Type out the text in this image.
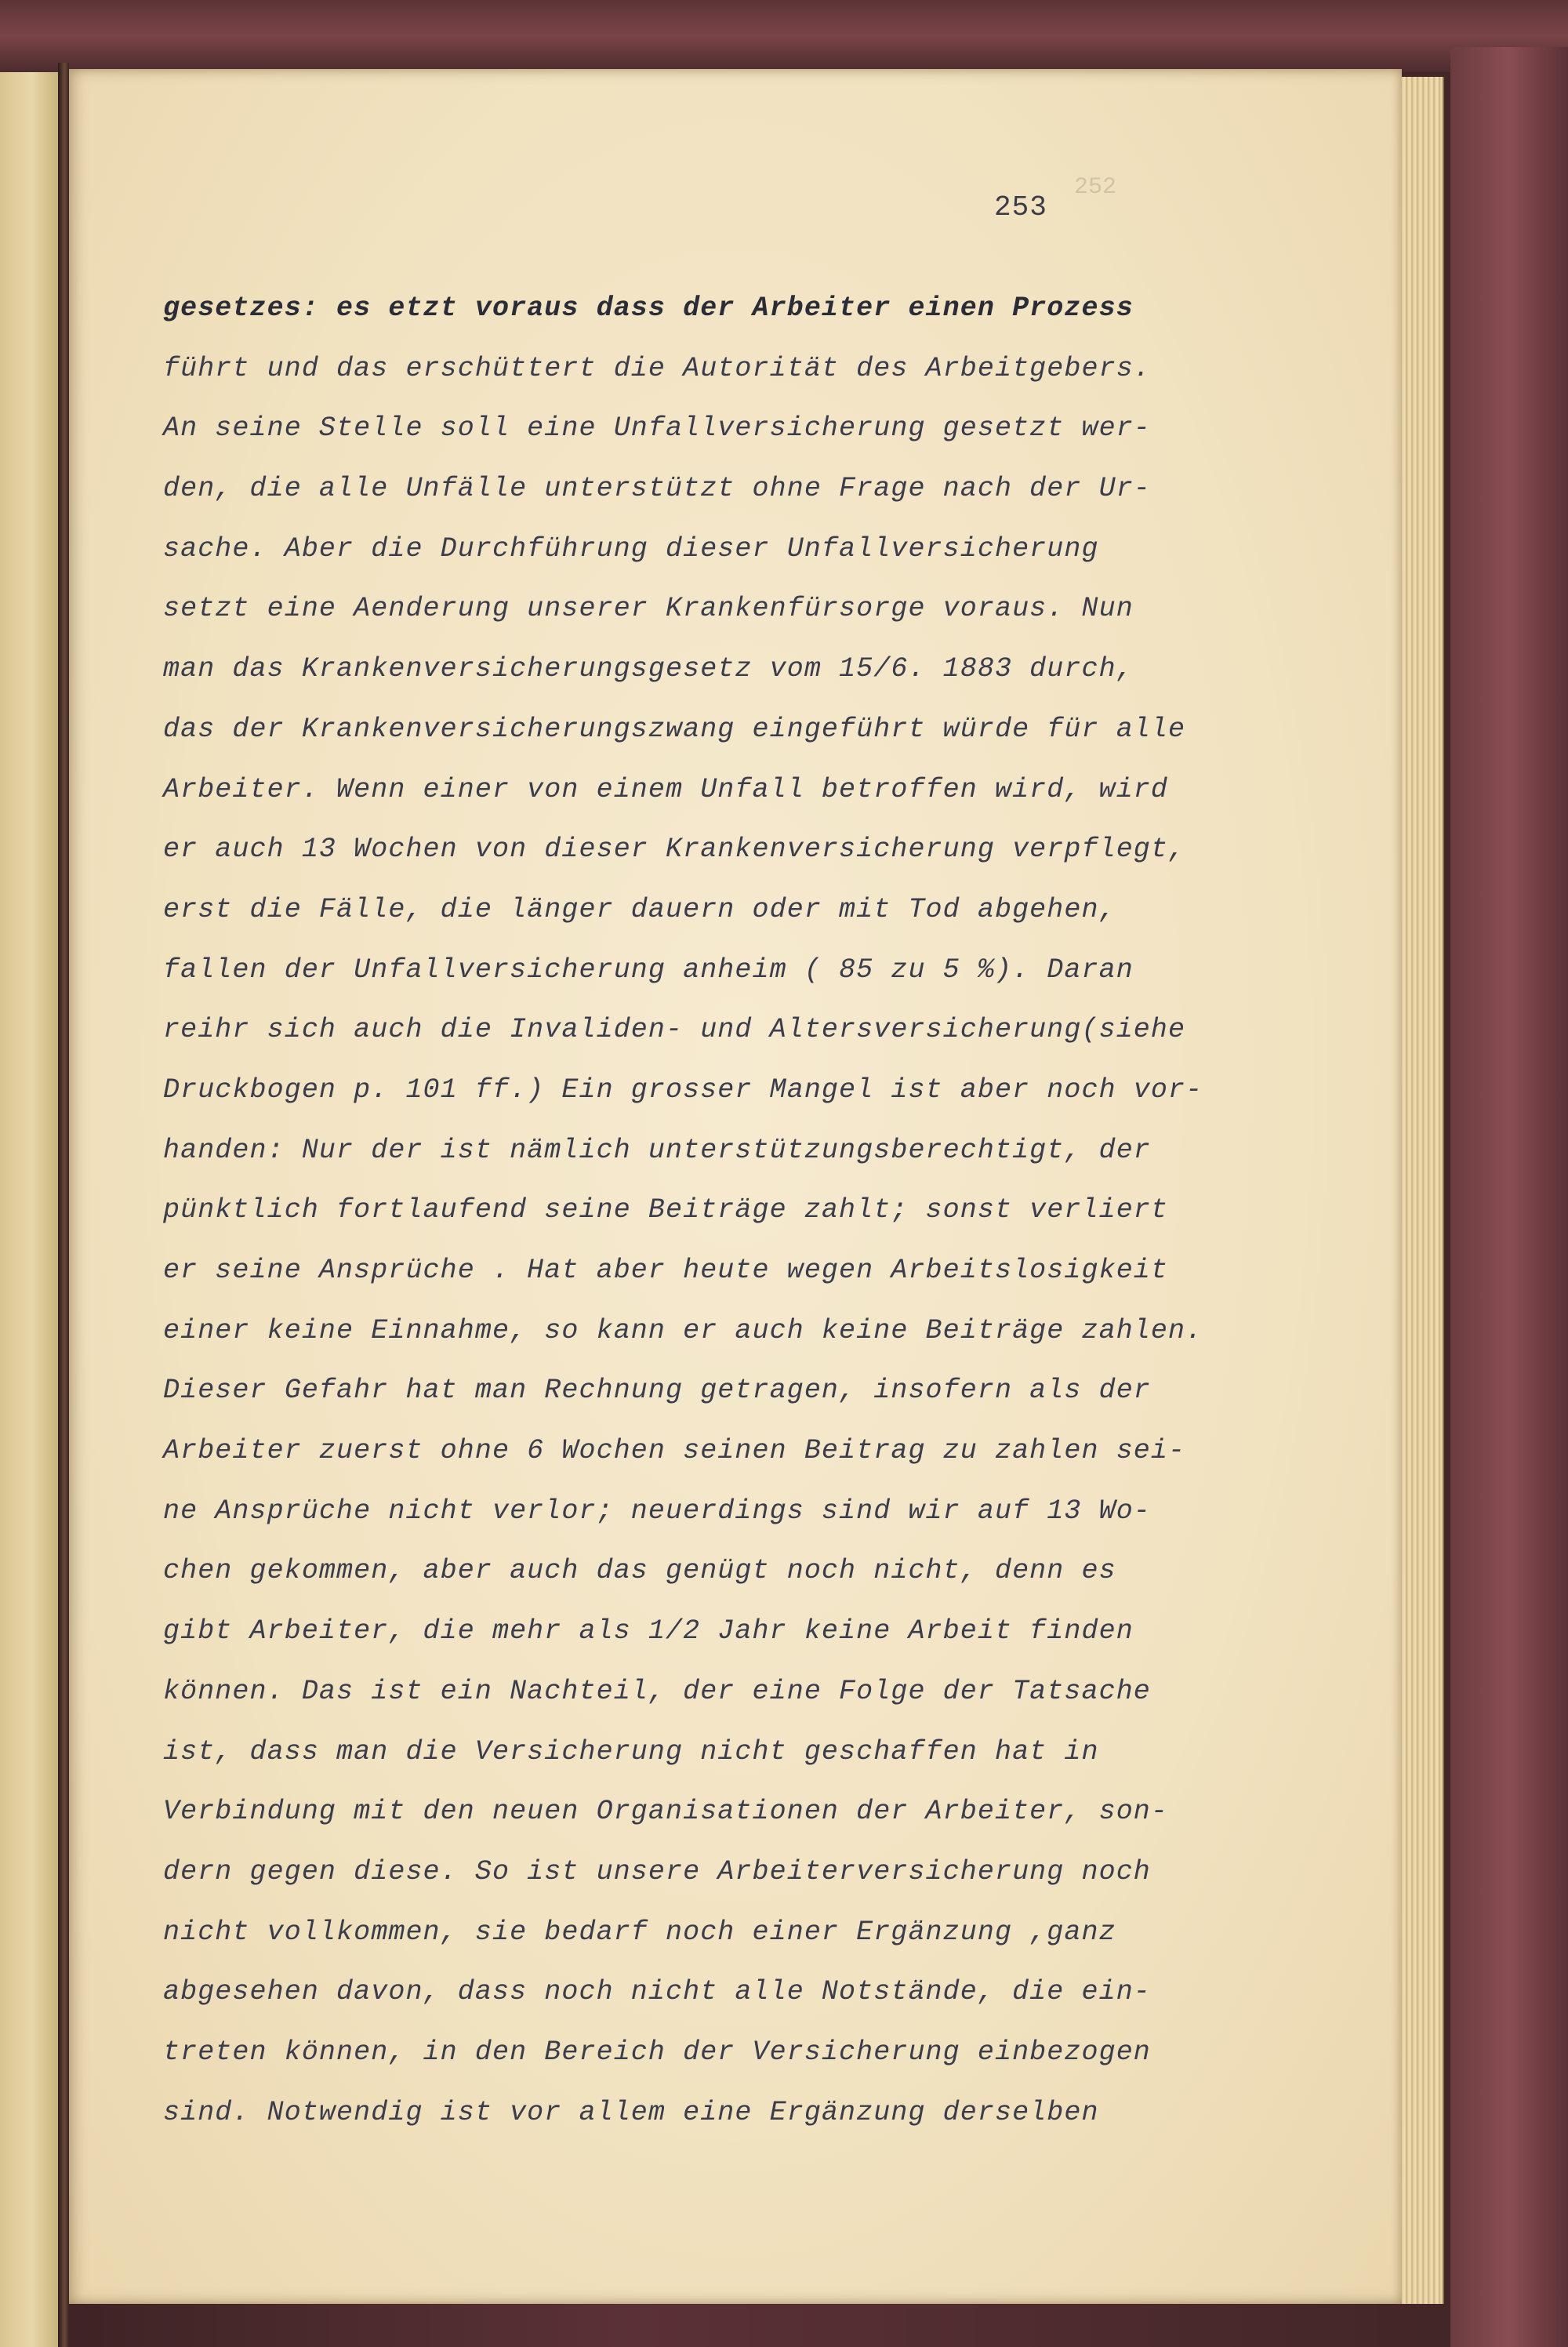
252
253
gesetzes: es etzt voraus dass der Arbeiter einen Prozess
führt und das erschüttert die Autorität des Arbeitgebers.
An seine Stelle soll eine Unfallversicherung gesetzt wer-
den, die alle Unfälle unterstützt ohne Frage nach der Ur-
sache. Aber die Durchführung dieser Unfallversicherung
setzt eine Aenderung unserer Krankenfürsorge voraus. Nun
man das Krankenversicherungsgesetz vom 15/6. 1883 durch,
das der Krankenversicherungszwang eingeführt würde für alle
Arbeiter. Wenn einer von einem Unfall betroffen wird, wird
er auch 13 Wochen von dieser Krankenversicherung verpflegt,
erst die Fälle, die länger dauern oder mit Tod abgehen,
fallen der Unfallversicherung anheim ( 85 zu 5 %). Daran
reihr sich auch die Invaliden- und Altersversicherung(siehe
Druckbogen p. 101 ff.) Ein grosser Mangel ist aber noch vor-
handen: Nur der ist nämlich unterstützungsberechtigt, der
pünktlich fortlaufend seine Beiträge zahlt; sonst verliert
er seine Ansprüche . Hat aber heute wegen Arbeitslosigkeit
einer keine Einnahme, so kann er auch keine Beiträge zahlen.
Dieser Gefahr hat man Rechnung getragen, insofern als der
Arbeiter zuerst ohne 6 Wochen seinen Beitrag zu zahlen sei-
ne Ansprüche nicht verlor; neuerdings sind wir auf 13 Wo-
chen gekommen, aber auch das genügt noch nicht, denn es
gibt Arbeiter, die mehr als 1/2 Jahr keine Arbeit finden
können. Das ist ein Nachteil, der eine Folge der Tatsache
ist, dass man die Versicherung nicht geschaffen hat in
Verbindung mit den neuen Organisationen der Arbeiter, son-
dern gegen diese. So ist unsere Arbeiterversicherung noch
nicht vollkommen, sie bedarf noch einer Ergänzung ,ganz
abgesehen davon, dass noch nicht alle Notstände, die ein-
treten können, in den Bereich der Versicherung einbezogen
sind. Notwendig ist vor allem eine Ergänzung derselben
